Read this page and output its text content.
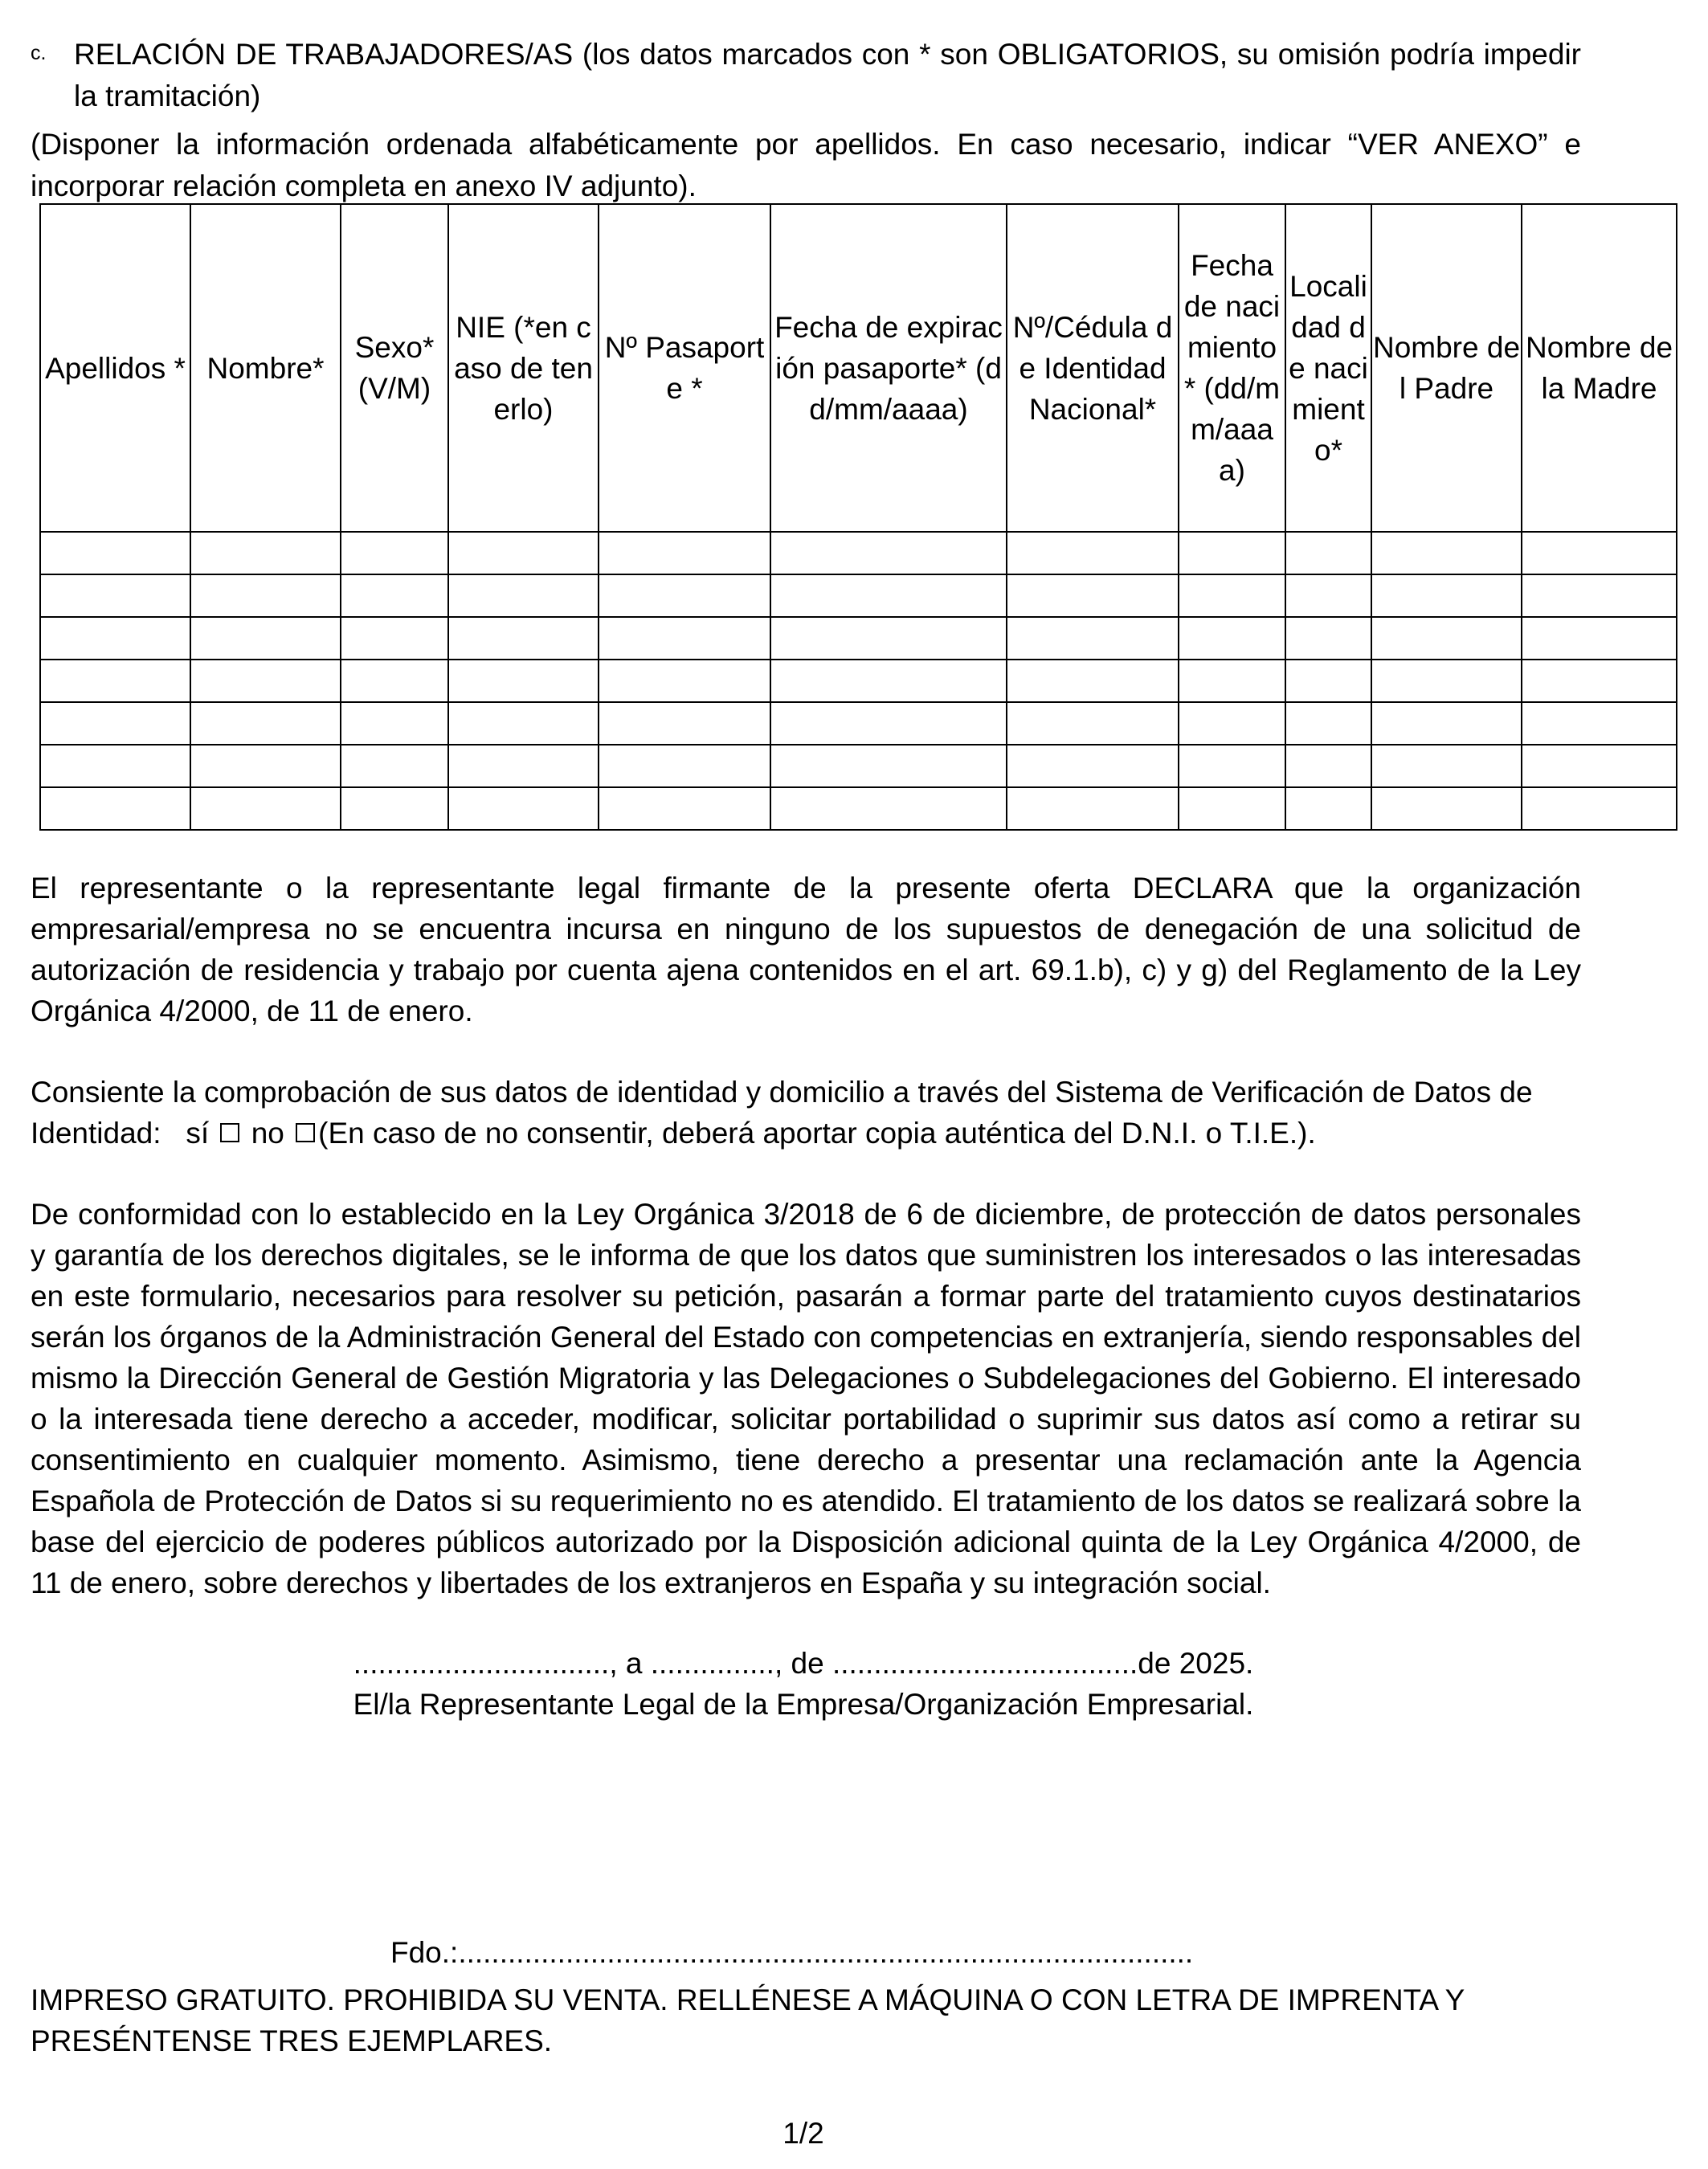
c. RELACIÓN DE TRABAJADORES/AS (los datos marcados con * son OBLIGATORIOS, su omisión podría impedir la tramitación)
(Disponer la información ordenada alfabéticamente por apellidos. En caso necesario, indicar “VER ANEXO” e incorporar relación completa en anexo IV adjunto).
Apellidos *	Nombre*	Sexo* (V/M)	NIE (*en caso de tenerlo)	Nº Pasaporte *	Fecha de expiración pasaporte* (dd/mm/aaaa)	Nº/Cédula de Identidad Nacional*	Fecha de nacimiento * (dd/mm/aaaa)	Localidad de nacimiento*	Nombre del Padre	Nombre de la Madre

El representante o la representante legal firmante de la presente oferta DECLARA que la organización empresarial/empresa no se encuentra incursa en ninguno de los supuestos de denegación de una solicitud de autorización de residencia y trabajo por cuenta ajena contenidos en el art. 69.1.b), c) y g) del Reglamento de la Ley Orgánica 4/2000, de 11 de enero.

Consiente la comprobación de sus datos de identidad y domicilio a través del Sistema de Verificación de Datos de Identidad: sí no (En caso de no consentir, deberá aportar copia auténtica del D.N.I. o T.I.E.).

De conformidad con lo establecido en la Ley Orgánica 3/2018 de 6 de diciembre, de protección de datos personales y garantía de los derechos digitales, se le informa de que los datos que suministren los interesados o las interesadas en este formulario, necesarios para resolver su petición, pasarán a formar parte del tratamiento cuyos destinatarios serán los órganos de la Administración General del Estado con competencias en extranjería, siendo responsables del mismo la Dirección General de Gestión Migratoria y las Delegaciones o Subdelegaciones del Gobierno. El interesado o la interesada tiene derecho a acceder, modificar, solicitar portabilidad o suprimir sus datos así como a retirar su consentimiento en cualquier momento. Asimismo, tiene derecho a presentar una reclamación ante la Agencia Española de Protección de Datos si su requerimiento no es atendido. El tratamiento de los datos se realizará sobre la base del ejercicio de poderes públicos autorizado por la Disposición adicional quinta de la Ley Orgánica 4/2000, de 11 de enero, sobre derechos y libertades de los extranjeros en España y su integración social.

..............................., a ..............., de .....................................de 2025.
El/la Representante Legal de la Empresa/Organización Empresarial.
Fdo.:.........................................................................................

IMPRESO GRATUITO. PROHIBIDA SU VENTA. RELLÉNESE A MÁQUINA O CON LETRA DE IMPRENTA Y PRESÉNTENSE TRES EJEMPLARES.

1/2
